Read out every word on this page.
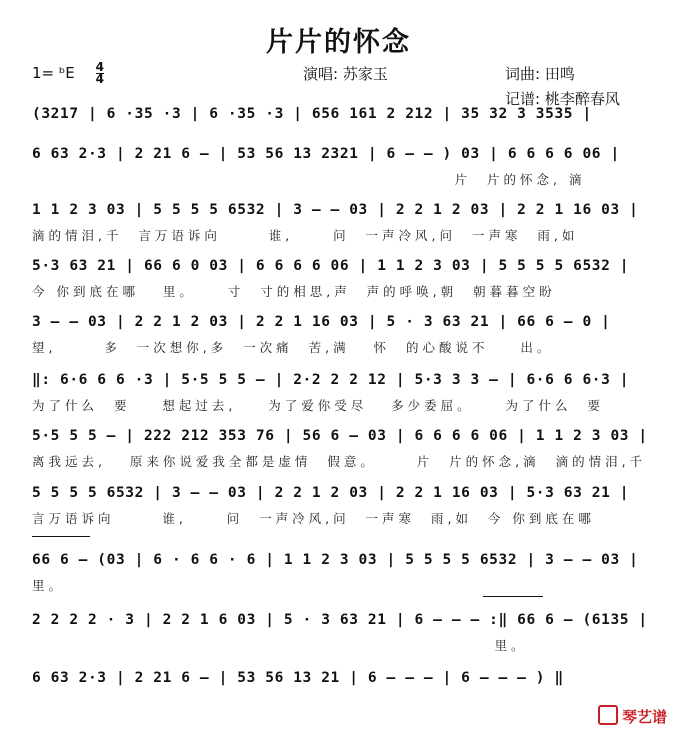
片片的怀念
1= ᵇE $\frac{4}{4}$	演唱: 苏家玉	词曲: 田鸣
记谱: 桃李醉春风
(3217 | 6 ·35 ·3 | 6 ·35 ·3 | 656 161 2 212 | 35 32 3 3535 |
6 63 2·3 | 2 21 6 – | 53 56 13 2321 | 6 – – ) 03 | 6 6 6 6 06 |
片  片的怀念, 滴
1 1 2 3 03 | 5 5 5 5 6532 | 3 – – 03 | 2 2 1 2 03 | 2 2 1 16 03 |
滴的情泪,千  言万语诉向      谁,     问  一声冷风,问  一声寒  雨,如
5·3 63 21 | 66 6 0 03 | 6 6 6 6 06 | 1 1 2 3 03 | 5 5 5 5 6532 |
今 你到底在哪   里。    寸  寸的相思,声  声的呼唤,朝  朝暮暮空盼
3 – – 03 | 2 2 1 2 03 | 2 2 1 16 03 | 5 · 3 63 21 | 66 6 – 0 |
望,      多  一次想你,多  一次痛  苦,满   怀  的心酸说不    出。
‖: 6·6 6 6 ·3 | 5·5 5 5 – | 2·2 2 2 12 | 5·3 3 3 – | 6·6 6 6·3 |
为了什么  要    想起过去,    为了爱你受尽   多少委屈。    为了什么  要
5·5 5 5 – | 222 212 353 76 | 56 6 – 03 | 6 6 6 6 06 | 1 1 2 3 03 |
离我远去,   原来你说爱我全都是虚情  假意。     片  片的怀念,滴  滴的情泪,千
5 5 5 5 6532 | 3 – – 03 | 2 2 1 2 03 | 2 2 1 16 03 | 5·3 63 21 |
言万语诉向      谁,     问  一声冷风,问  一声寒  雨,如  今 你到底在哪
66 6 – (03 | 6 · 6 6 · 6 | 1 1 2 3 03 | 5 5 5 5 6532 | 3 – – 03 |
里。
2 2 2 2 · 3 | 2 2 1 6 03 | 5 · 3 63 21 | 6 – – – :‖ 66 6 – (6135 |
里。
6 63 2·3 | 2 21 6 – | 53 56 13 21 | 6 – – – | 6 – – – ) ‖
琴艺谱
